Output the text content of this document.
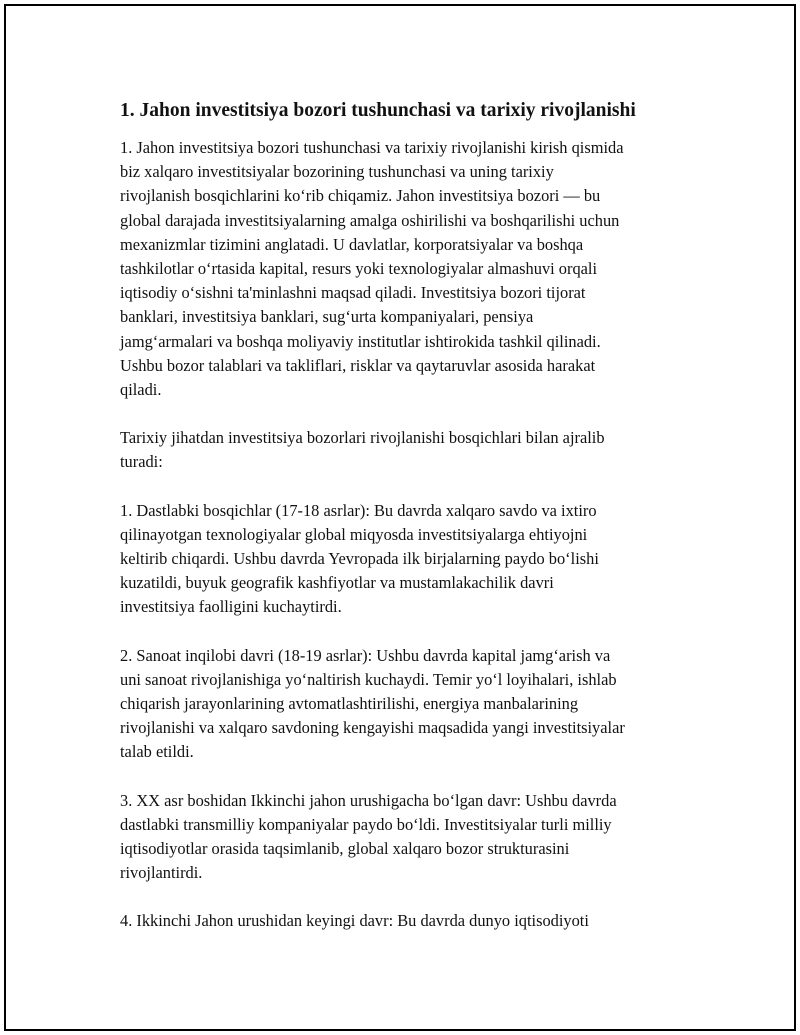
1. Jahon investitsiya bozori tushunchasi va tarixiy rivojlanishi

1. Jahon investitsiya bozori tushunchasi va tarixiy rivojlanishi kirish qismida
biz xalqaro investitsiyalar bozorining tushunchasi va uning tarixiy
rivojlanish bosqichlarini ko‘rib chiqamiz. Jahon investitsiya bozori — bu
global darajada investitsiyalarning amalga oshirilishi va boshqarilishi uchun
mexanizmlar tizimini anglatadi. U davlatlar, korporatsiyalar va boshqa
tashkilotlar o‘rtasida kapital, resurs yoki texnologiyalar almashuvi orqali
iqtisodiy o‘sishni ta'minlashni maqsad qiladi. Investitsiya bozori tijorat
banklari, investitsiya banklari, sug‘urta kompaniyalari, pensiya
jamg‘armalari va boshqa moliyaviy institutlar ishtirokida tashkil qilinadi.
Ushbu bozor talablari va takliflari, risklar va qaytaruvlar asosida harakat
qiladi.

Tarixiy jihatdan investitsiya bozorlari rivojlanishi bosqichlari bilan ajralib
turadi:

1. Dastlabki bosqichlar (17-18 asrlar): Bu davrda xalqaro savdo va ixtiro
qilinayotgan texnologiyalar global miqyosda investitsiyalarga ehtiyojni
keltirib chiqardi. Ushbu davrda Yevropada ilk birjalarning paydo bo‘lishi
kuzatildi, buyuk geografik kashfiyotlar va mustamlakachilik davri
investitsiya faolligini kuchaytirdi.

2. Sanoat inqilobi davri (18-19 asrlar): Ushbu davrda kapital jamg‘arish va
uni sanoat rivojlanishiga yo‘naltirish kuchaydi. Temir yo‘l loyihalari, ishlab
chiqarish jarayonlarining avtomatlashtirilishi, energiya manbalarining
rivojlanishi va xalqaro savdoning kengayishi maqsadida yangi investitsiyalar
talab etildi.

3. XX asr boshidan Ikkinchi jahon urushigacha bo‘lgan davr: Ushbu davrda
dastlabki transmilliy kompaniyalar paydo bo‘ldi. Investitsiyalar turli milliy
iqtisodiyotlar orasida taqsimlanib, global xalqaro bozor strukturasini
rivojlantirdi.

4. Ikkinchi Jahon urushidan keyingi davr: Bu davrda dunyo iqtisodiyoti
